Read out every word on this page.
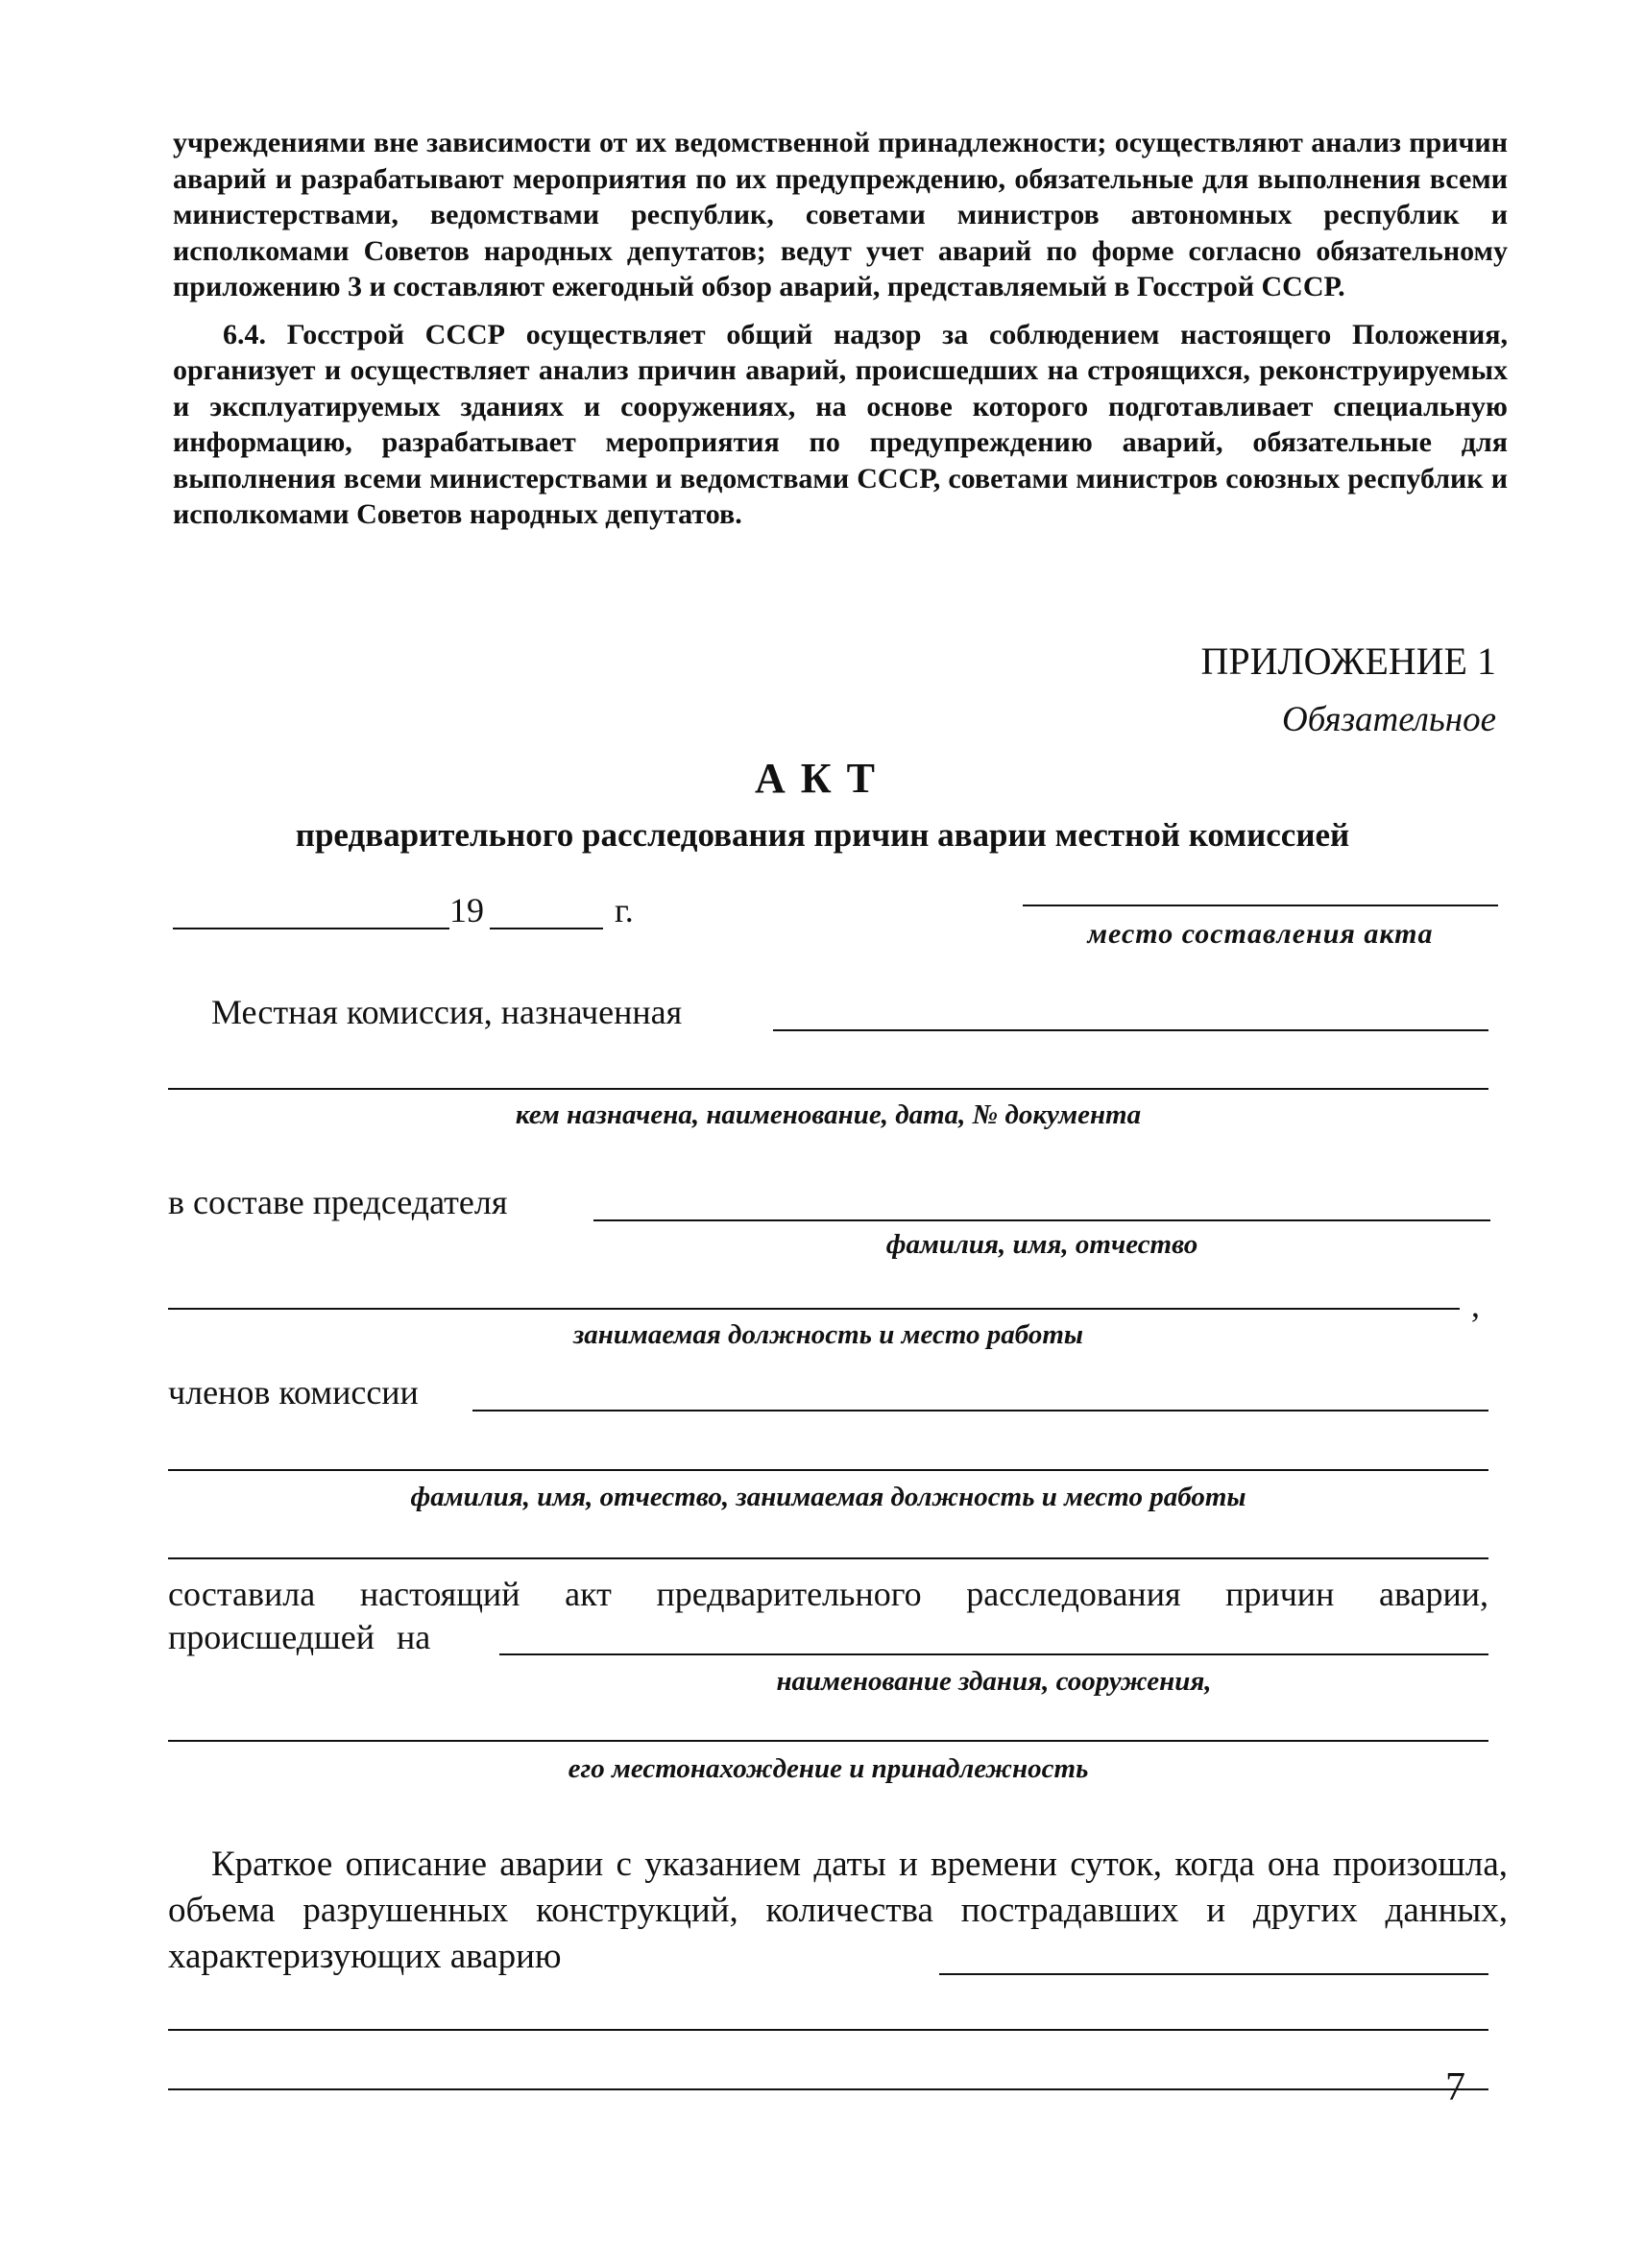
учреждениями вне зависимости от их ведомственной принадлежности; осуществляют анализ причин аварий и разрабатывают мероприятия по их предупреждению, обязательные для выполнения всеми министерствами, ведомствами республик, советами министров автономных республик и исполкомами Советов народных депутатов; ведут учет аварий по форме согласно обязательному приложению 3 и составляют ежегодный обзор аварий, представляемый в Госстрой СССР.

6.4. Госстрой СССР осуществляет общий надзор за соблюдением настоящего Положения, организует и осуществляет анализ причин аварий, происшедших на строящихся, реконструируемых и эксплуатируемых зданиях и сооружениях, на основе которого подготавливает специальную информацию, разрабатывает мероприятия по предупреждению аварий, обязательные для выполнения всеми министерствами и ведомствами СССР, советами министров союзных республик и исполкомами Советов народных депутатов.

ПРИЛОЖЕНИЕ 1

Обязательное

АКТ

предварительного расследования причин аварии местной комиссией

19	г.
место составления акта
Местная комиссия, назначенная
кем назначена, наименование, дата, № документа
в составе председателя
фамилия, имя, отчество
,
занимаемая должность и место работы
членов комиссии
фамилия, имя, отчество, занимаемая должность и место работы
составила настоящий акт предварительного расследования причин аварии,
происшедшей на
наименование здания, сооружения,
его местонахождение и принадлежность

Краткое описание аварии с указанием даты и времени суток, когда она произошла, объема разрушенных конструкций, количества пострадавших и других данных, характеризующих аварию

7
